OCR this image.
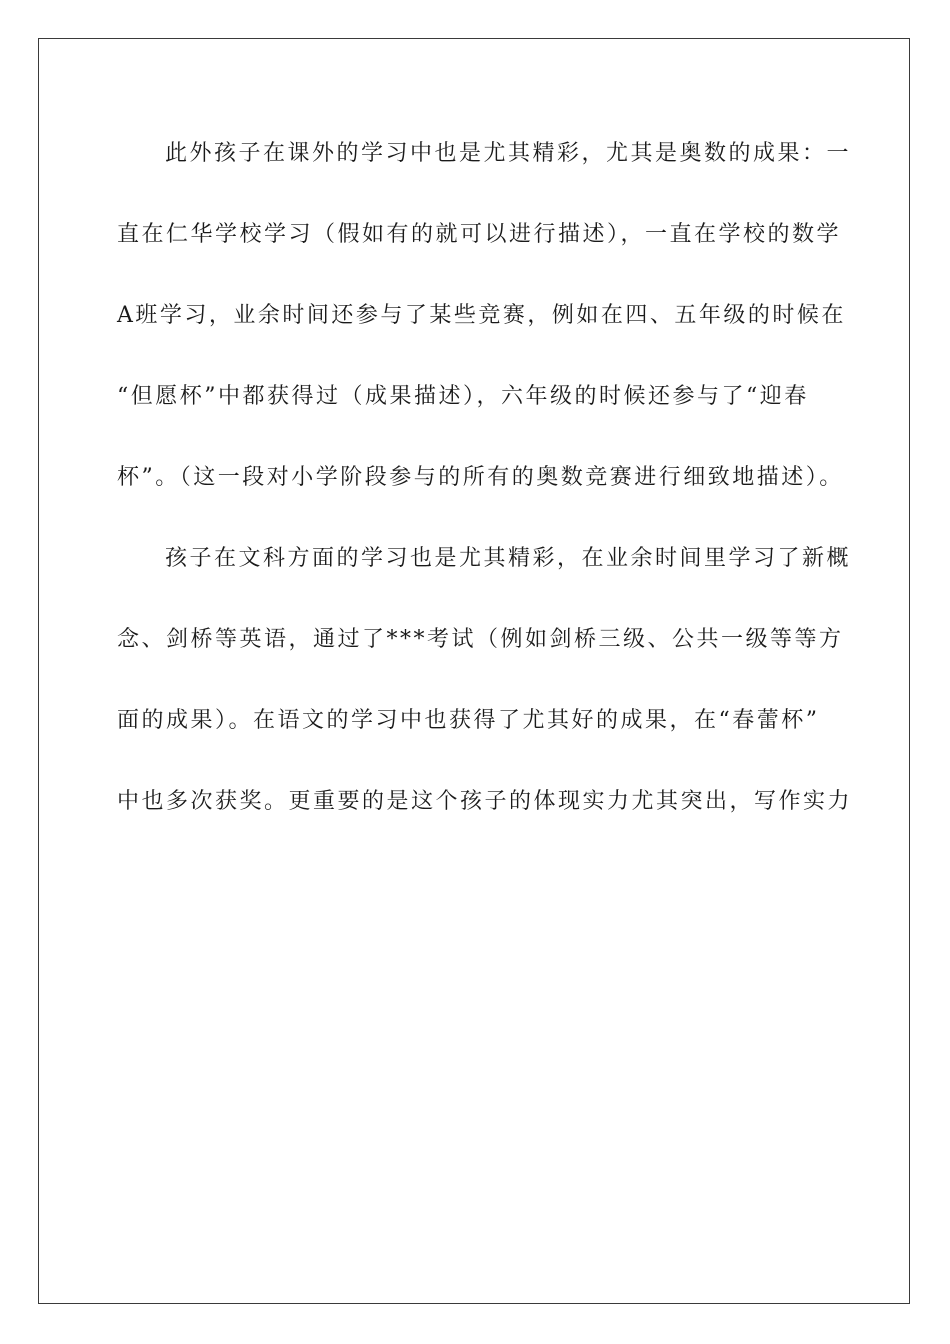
此外孩子在课外的学习中也是尤其精彩，尤其是奥数的成果：一
直在仁华学校学习（假如有的就可以进行描述），一直在学校的数学
A班学习，业余时间还参与了某些竞赛，例如在四、五年级的时候在
“但愿杯”中都获得过（成果描述），六年级的时候还参与了“迎春
杯”。（这一段对小学阶段参与的所有的奥数竞赛进行细致地描述）。
孩子在文科方面的学习也是尤其精彩，在业余时间里学习了新概
念、剑桥等英语，通过了***考试（例如剑桥三级、公共一级等等方
面的成果）。在语文的学习中也获得了尤其好的成果，在“春蕾杯”
中也多次获奖。更重要的是这个孩子的体现实力尤其突出，写作实力
